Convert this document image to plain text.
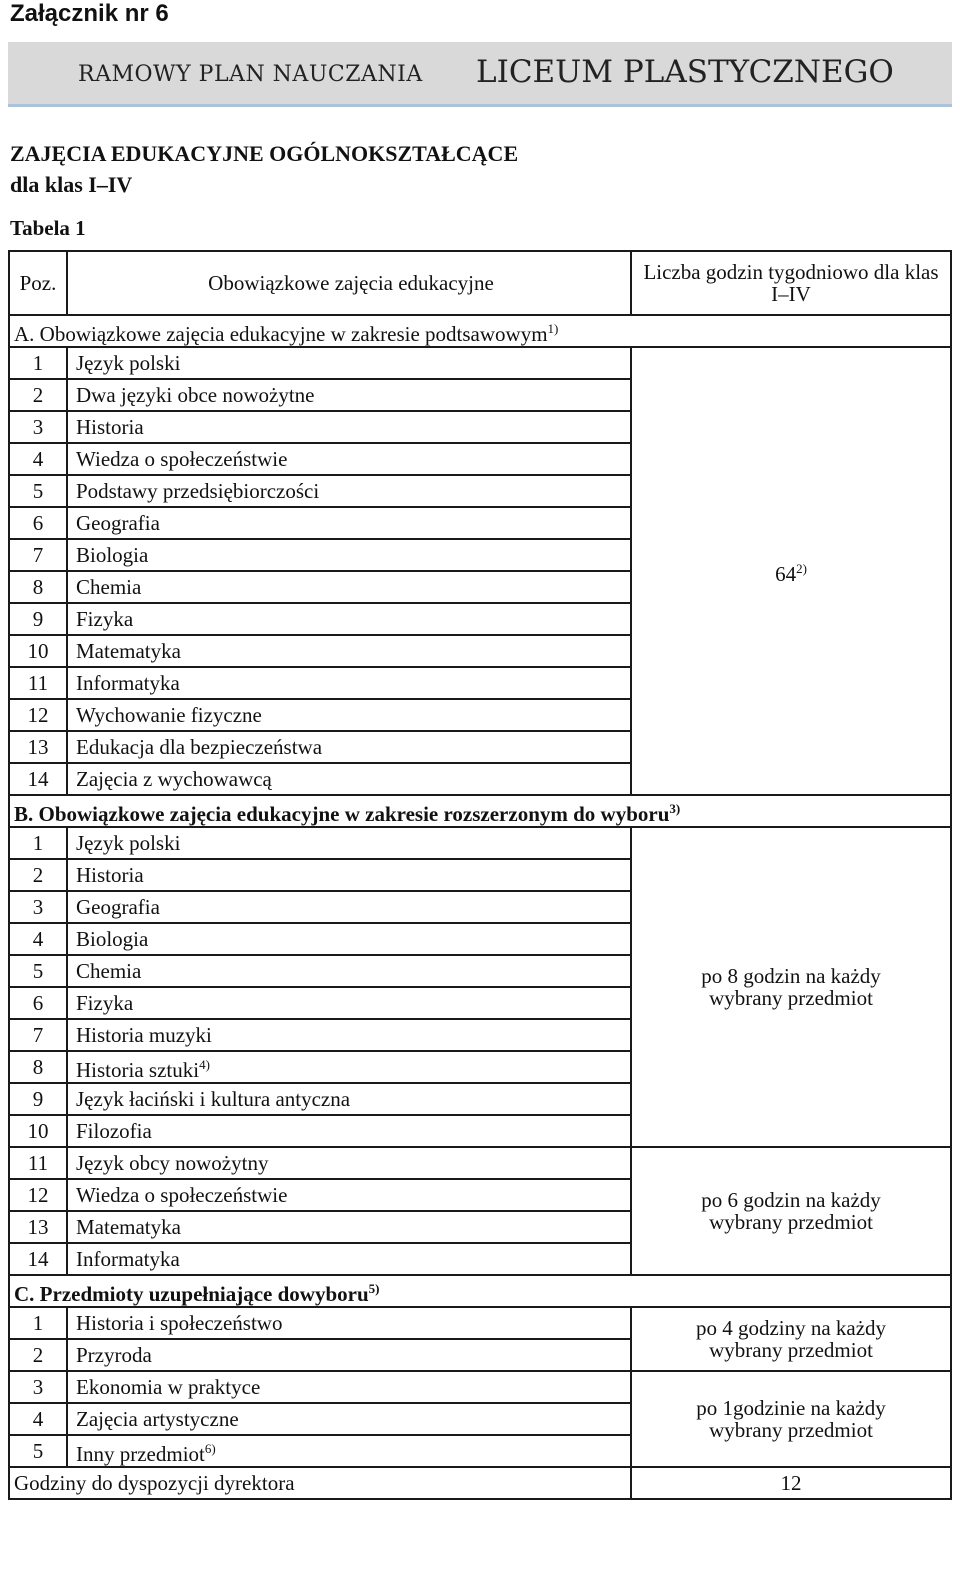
Załącznik nr 6
RAMOWY PLAN NAUCZANIA LICEUM PLASTYCZNEGO
ZAJĘCIA EDUKACYJNE OGÓLNOKSZTAŁCĄCE
dla klas I–IV
Tabela 1
Poz.	Obowiązkowe zajęcia edukacyjne	Liczba godzin tygodniowo dla klas I–IV
A. Obowiązkowe zajęcia edukacyjne w zakresie podtsawowym$^{1)}$
1	Język polski	64$^{2)}$
2	Dwa języki obce nowożytne	
3	Historia	
4	Wiedza o społeczeństwie	
5	Podstawy przedsiębiorczości	
6	Geografia	
7	Biologia	
8	Chemia	
9	Fizyka	
10	Matematyka	
11	Informatyka	
12	Wychowanie fizyczne	
13	Edukacja dla bezpieczeństwa	
14	Zajęcia z wychowawcą	
B. Obowiązkowe zajęcia edukacyjne w zakresie rozszerzonym do wyboru$^{3)}$
1	Język polski	po 8 godzin na każdy wybrany przedmiot
2	Historia	
3	Geografia	
4	Biologia	
5	Chemia	
6	Fizyka	
7	Historia muzyki	
8	Historia sztuki$^{4)}$
9	Język łaciński i kultura antyczna	
10	Filozofia	
11	Język obcy nowożytny	po 6 godzin na każdy wybrany przedmiot
12	Wiedza o społeczeństwie	
13	Matematyka	
14	Informatyka	
C. Przedmioty uzupełniające dowyboru$^{5)}$
1	Historia i społeczeństwo	po 4 godziny na każdy wybrany przedmiot
2	Przyroda	
3	Ekonomia w praktyce	po 1godzinie na każdy wybrany przedmiot
4	Zajęcia artystyczne	
5	Inny przedmiot$^{6)}$
Godziny do dyspozycji dyrektora		12
